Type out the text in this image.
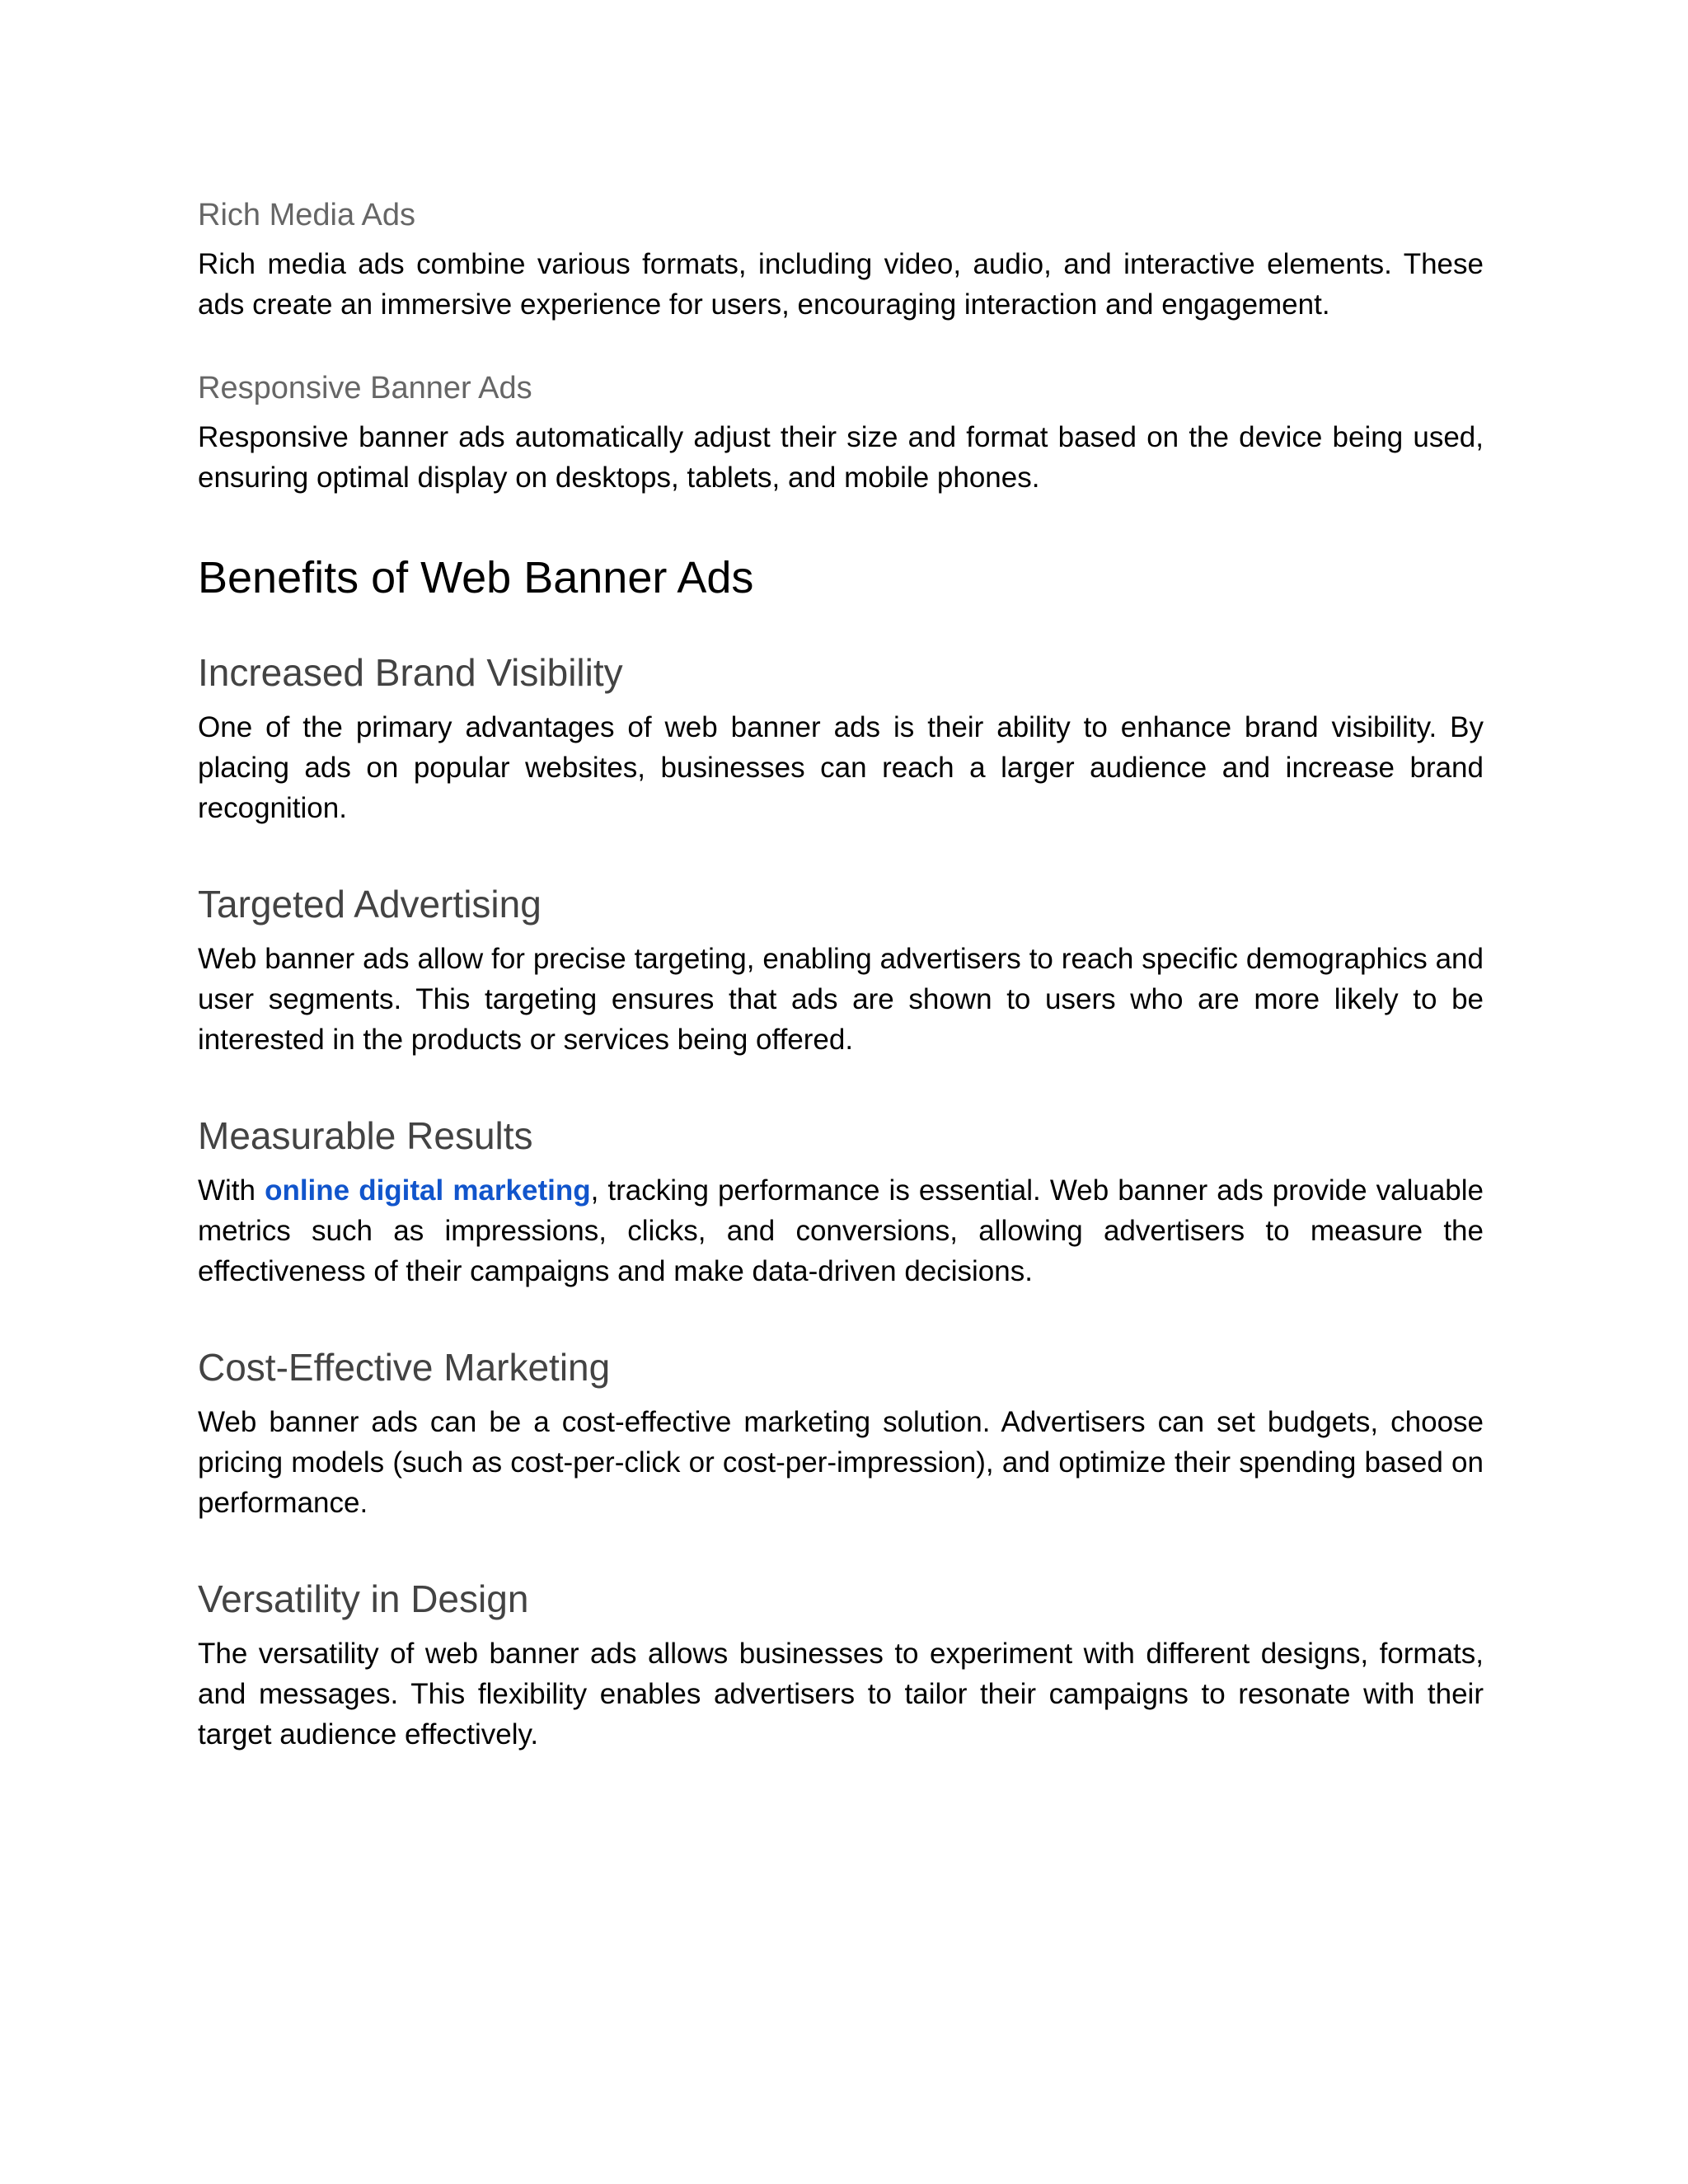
Rich Media Ads

Rich media ads combine various formats, including video, audio, and interactive elements. These ads create an immersive experience for users, encouraging interaction and engagement.

Responsive Banner Ads

Responsive banner ads automatically adjust their size and format based on the device being used, ensuring optimal display on desktops, tablets, and mobile phones.

Benefits of Web Banner Ads
Increased Brand Visibility

One of the primary advantages of web banner ads is their ability to enhance brand visibility. By placing ads on popular websites, businesses can reach a larger audience and increase brand recognition.

Targeted Advertising

Web banner ads allow for precise targeting, enabling advertisers to reach specific demographics and user segments. This targeting ensures that ads are shown to users who are more likely to be interested in the products or services being offered.

Measurable Results

With online digital marketing, tracking performance is essential. Web banner ads provide valuable metrics such as impressions, clicks, and conversions, allowing advertisers to measure the effectiveness of their campaigns and make data-driven decisions.

Cost-Effective Marketing

Web banner ads can be a cost-effective marketing solution. Advertisers can set budgets, choose pricing models (such as cost-per-click or cost-per-impression), and optimize their spending based on performance.

Versatility in Design

The versatility of web banner ads allows businesses to experiment with different designs, formats, and messages. This flexibility enables advertisers to tailor their campaigns to resonate with their target audience effectively.
